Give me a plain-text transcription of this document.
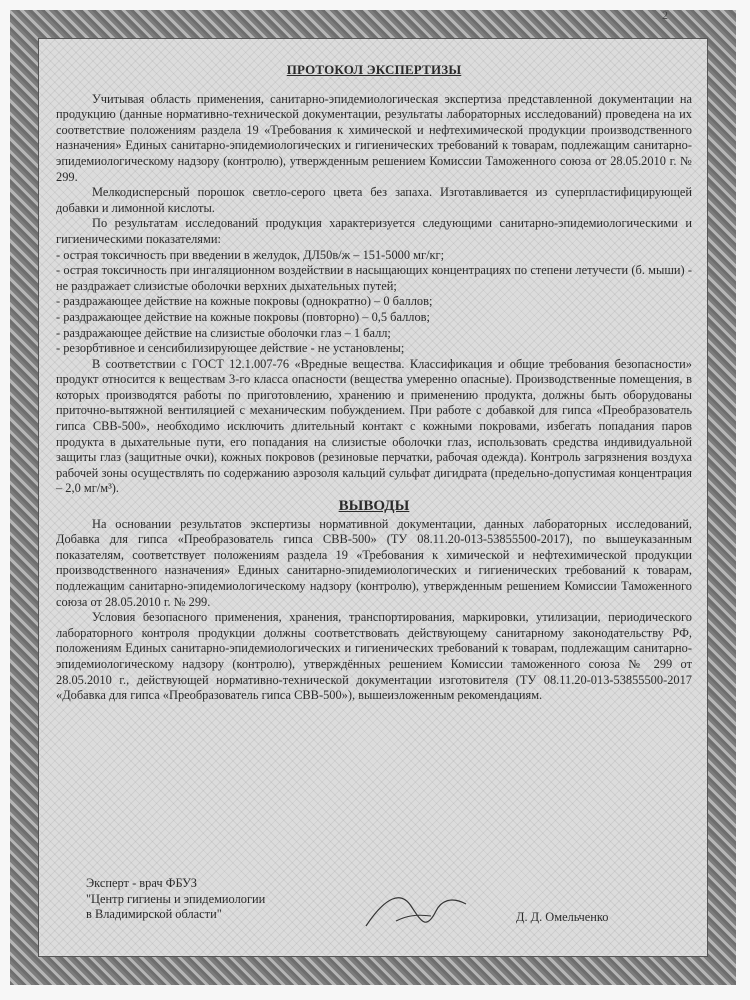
2
ПРОТОКОЛ ЭКСПЕРТИЗЫ

Учитывая область применения, санитарно-эпидемиологическая экспертиза представленной документации на продукцию (данные нормативно-технической документации, результаты лабораторных исследований) проведена на их соответствие положениям раздела 19 «Требования к химической и нефтехимической продукции производственного назначения» Единых санитарно-эпидемиологических и гигиенических требований к товарам, подлежащим санитарно-эпидемиологическому надзору (контролю), утвержденным решением Комиссии Таможенного союза от 28.05.2010 г. № 299.

Мелкодисперсный порошок светло-серого цвета без запаха. Изготавливается из суперпластифицирующей добавки и лимонной кислоты.

По результатам исследований продукция характеризуется следующими санитарно-эпидемиологическими и гигиеническими показателями:

- острая токсичность при введении в желудок, ДЛ50в/ж – 151-5000 мг/кг;

- острая токсичность при ингаляционном воздействии в насыщающих концентрациях по степени летучести (б. мыши) - не раздражает слизистые оболочки верхних дыхательных путей;

- раздражающее действие на кожные покровы (однократно) – 0 баллов;

- раздражающее действие на кожные покровы (повторно) – 0,5 баллов;

- раздражающее действие на слизистые оболочки глаз – 1 балл;

- резорбтивное и сенсибилизирующее действие - не установлены;

В соответствии с ГОСТ 12.1.007-76 «Вредные вещества. Классификация и общие требования безопасности» продукт относится к веществам 3-го класса опасности (вещества умеренно опасные). Производственные помещения, в которых производятся работы по приготовлению, хранению и применению продукта, должны быть оборудованы приточно-вытяжной вентиляцией с механическим побуждением. При работе с добавкой для гипса «Преобразователь гипса СВВ-500», необходимо исключить длительный контакт с кожными покровами, избегать попадания паров продукта в дыхательные пути, его попадания на слизистые оболочки глаз, использовать средства индивидуальной защиты глаз (защитные очки), кожных покровов (резиновые перчатки, рабочая одежда). Контроль загрязнения воздуха рабочей зоны осуществлять по содержанию аэрозоля кальций сульфат дигидрата (предельно-допустимая концентрация – 2,0 мг/м³).

ВЫВОДЫ

На основании результатов экспертизы нормативной документации, данных лабораторных исследований, Добавка для гипса «Преобразователь гипса СВВ-500» (ТУ 08.11.20-013-53855500-2017), по вышеуказанным показателям, соответствует положениям раздела 19 «Требования к химической и нефтехимической продукции производственного назначения» Единых санитарно-эпидемиологических и гигиенических требований к товарам, подлежащим санитарно-эпидемиологическому надзору (контролю), утвержденным решением Комиссии Таможенного союза от 28.05.2010 г. № 299.

Условия безопасного применения, хранения, транспортирования, маркировки, утилизации, периодического лабораторного контроля продукции должны соответствовать действующему санитарному законодательству РФ, положениям Единых санитарно-эпидемиологических и гигиенических требований к товарам, подлежащим санитарно-эпидемиологическому надзору (контролю), утверждённых решением Комиссии таможенного союза № 299 от 28.05.2010 г., действующей нормативно-технической документации изготовителя (ТУ 08.11.20-013-53855500-2017 «Добавка для гипса «Преобразователь гипса СВВ-500»), вышеизложенным рекомендациям.

Эксперт - врач ФБУЗ
"Центр гигиены и эпидемиологии
в Владимирской области"	Д. Д. Омельченко
